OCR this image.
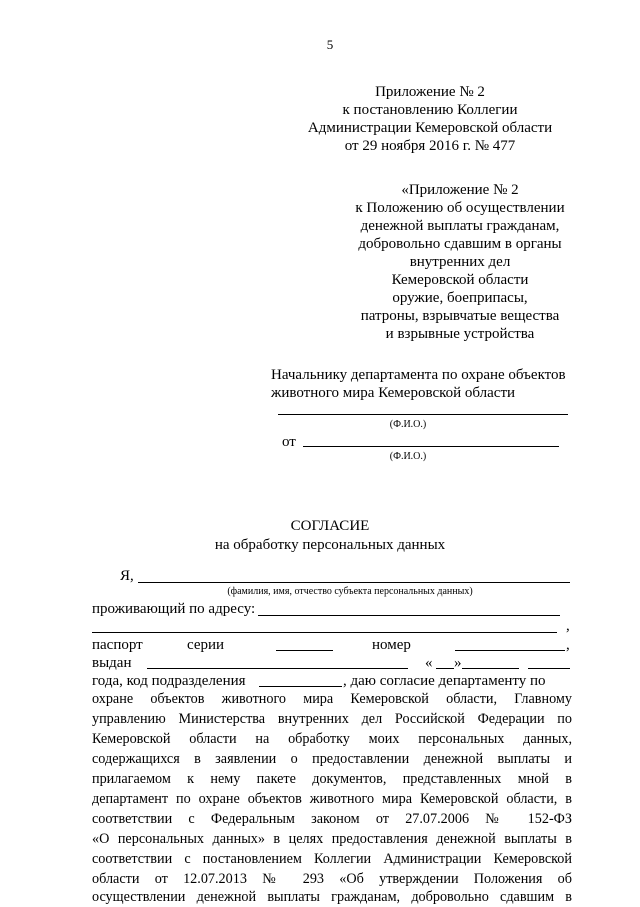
5
Приложение № 2
к постановлению Коллегии
Администрации Кемеровской области
от 29 ноября 2016 г. № 477
«Приложение № 2
к Положению об осуществлении
денежной выплаты гражданам,
добровольно сдавшим в органы
внутренних дел
Кемеровской области
оружие, боеприпасы,
патроны, взрывчатые вещества
и взрывные устройства
Начальнику департамента по охране объектов
животного мира Кемеровской области
(Ф.И.О.)
от
(Ф.И.О.)
СОГЛАСИЕ
на обработку персональных данных
Я,
(фамилия, имя, отчество субъекта персональных данных)
проживающий по адресу:
,
паспорт	серии	номер	,
выдан	« »
года, код подразделения	, даю согласие департаменту по
охране объектов животного мира Кемеровской области, Главному
управлению Министерства внутренних дел Российской Федерации по
Кемеровской области на обработку моих персональных данных,
содержащихся в заявлении о предоставлении денежной выплаты и
прилагаемом к нему пакете документов, представленных мной в
департамент по охране объектов животного мира Кемеровской области, в
соответствии с Федеральным законом от 27.07.2006 № 152-ФЗ
«О персональных данных» в целях предоставления денежной выплаты в
соответствии с постановлением Коллегии Администрации Кемеровской
области от 12.07.2013 № 293 «Об утверждении Положения об
осуществлении денежной выплаты гражданам, добровольно сдавшим в
